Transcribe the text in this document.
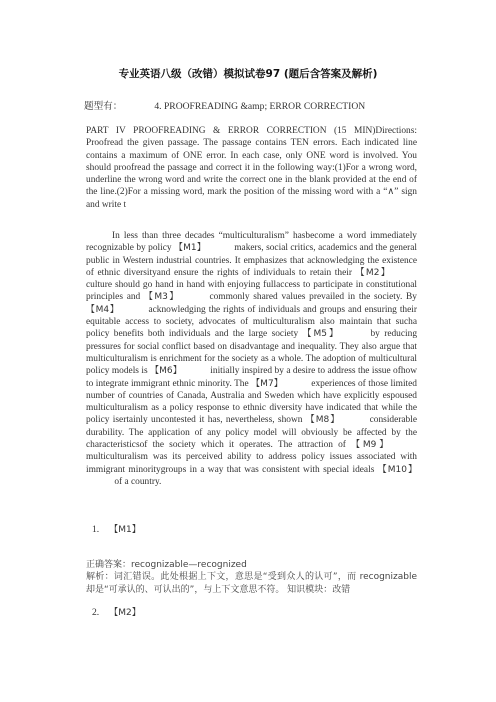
专业英语八级（改错）模拟试卷97 (题后含答案及解析)
题型有：	4. PROOFREADING &amp; ERROR CORRECTION
PART IV PROOFREADING & ERROR CORRECTION (15 MIN)Directions: Proofread the given passage. The passage contains TEN errors. Each indicated line contains a maximum of ONE error. In each case, only ONE word is involved. You should proofread the passage and correct it in the following way:(1)For a wrong word, underline the wrong word and write the correct one in the blank provided at the end of the line.(2)For a missing word, mark the position of the missing word with a “∧” sign and write t

In less than three decades “multiculturalism” hasbecome a word immediately recognizable by policy 【M1】	makers, social critics, academics and the general public in Western industrial countries. It emphasizes that acknowledging the existence of ethnic diversityand ensure the rights of individuals to retain their 【M2】 culture should go hand in hand with enjoying fullaccess to participate in constitutional principles and 【M3】	commonly shared values prevailed in the society. By【M4】	acknowledging the rights of individuals and groups and ensuring their equitable access to society, advocates of multiculturalism also maintain that sucha policy benefits both individuals and the large society 【M5】	by reducing pressures for social conflict based on disadvantage and inequality. They also argue that multiculturalism is enrichment for the society as a whole. The adoption of multicultural policy models is 【M6】	initially inspired by a desire to address the issue ofhow to integrate immigrant ethnic minority. The 【M7】	experiences of those limited number of countries of Canada, Australia and Sweden which have explicitly espoused multiculturalism as a policy response to ethnic diversity have indicated that while the policy isertainly uncontested it has, nevertheless, shown 【M8】	considerable durability. The application of any policy model will obviously be affected by the characteristicsof the society which it operates. The attraction of 【M9】 multiculturalism was its perceived ability to address policy issues associated with immigrant minoritygroups in a way that was consistent with special ideals 【M10】 of a country.

1. 【M1】
正确答案：recognizable—recognized
解析：词汇错误。此处根据上下文，意思是“受到众人的认可”，而 recognizable 却是“可承认的、可认出的”，与上下文意思不符。 知识模块：改错
2. 【M2】
